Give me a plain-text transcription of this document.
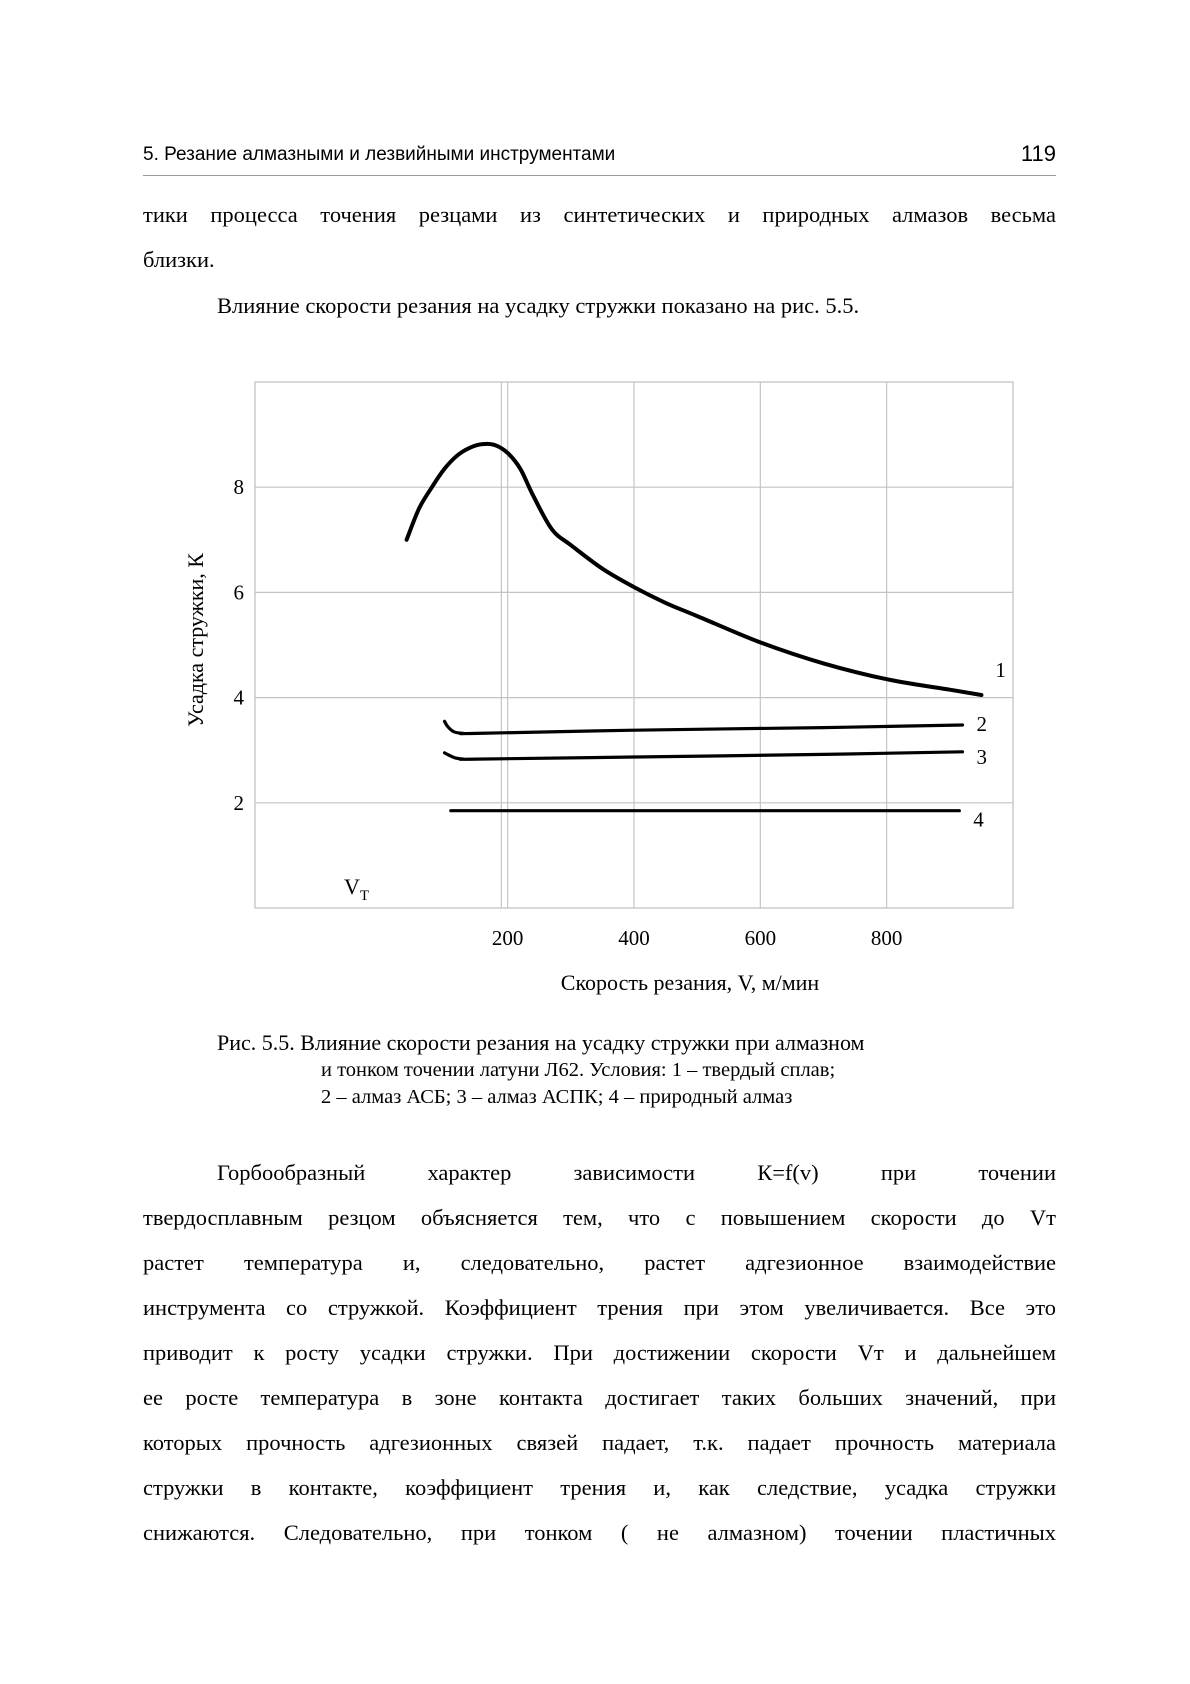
5. Резание алмазными и лезвийными инструментами	119
тики процесса точения резцами из синтетических и природных алмазов весьма
близки.
Влияние скорости резания на усадку стружки показано на рис. 5.5.
200	400	600	800
2
4
6
8
1
2
3
4
$V_T$
Скорость резания, V, м/мин
Усадка стружки, К
Рис. 5.5. Влияние скорости резания на усадку стружки при алмазном
и тонком точении латуни Л62. Условия: 1 – твердый сплав;
2 – алмаз АСБ; 3 – алмаз АСПК; 4 – природный алмаз
Горбообразный характер зависимости К=f(v) при точении
твердосплавным резцом объясняется тем, что с повышением скорости до Vт
растет температура и, следовательно, растет адгезионное взаимодействие
инструмента со стружкой. Коэффициент трения при этом увеличивается. Все это
приводит к росту усадки стружки. При достижении скорости Vт и дальнейшем
ее росте температура в зоне контакта достигает таких больших значений, при
которых прочность адгезионных связей падает, т.к. падает прочность материала
стружки в контакте, коэффициент трения и, как следствие, усадка стружки
снижаются. Следовательно, при тонком ( не алмазном) точении пластичных
